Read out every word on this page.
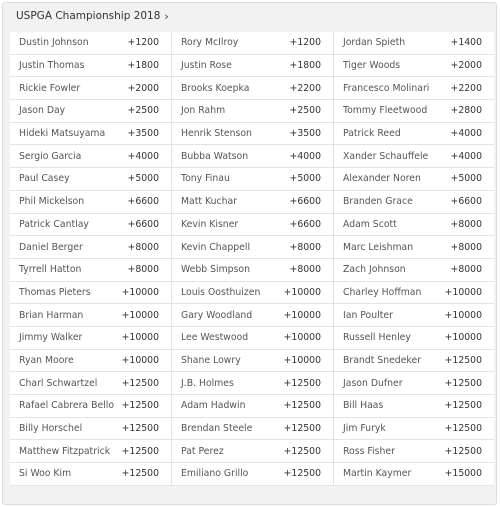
USPGA Championship 2018 ›
Dustin Johnson	+1200 Rory McIlroy	+1200 Jordan Spieth	+1400
Justin Thomas	+1800 Justin Rose	+1800 Tiger Woods	+2000
Rickie Fowler	+2000 Brooks Koepka	+2200 Francesco Molinari +2200
Jason Day	+2500 Jon Rahm	+2500 Tommy Fleetwood	+2800
Hideki Matsuyama +3500 Henrik Stenson	+3500 Patrick Reed	+4000
Sergio Garcia	+4000 Bubba Watson	+4000 Xander Schauffele +4000
Paul Casey	+5000 Tony Finau	+5000 Alexander Noren	+5000
Phil Mickelson	+6600 Matt Kuchar	+6600 Branden Grace	+6600
Patrick Cantlay	+6600 Kevin Kisner	+6600 Adam Scott	+8000
Daniel Berger	+8000 Kevin Chappell	+8000 Marc Leishman	+8000
Tyrrell Hatton	+8000 Webb Simpson	+8000 Zach Johnson	+8000
Thomas Pieters	+10000 Louis Oosthuizen	+10000 Charley Hoffman +10000
Brian Harman	+10000 Gary Woodland	+10000 Ian Poulter	+10000
Jimmy Walker	+10000 Lee Westwood	+10000 Russell Henley	+10000
Ryan Moore	+10000 Shane Lowry	+10000 Brandt Snedeker	+12500
Charl Schwartzel	+12500 J.B. Holmes	+12500 Jason Dufner	+12500
Rafael Cabrera Bello +12500 Adam Hadwin	+12500 Bill Haas	+12500
Billy Horschel	+12500 Brendan Steele	+12500 Jim Furyk	+12500
Matthew Fitzpatrick +12500 Pat Perez	+12500 Ross Fisher	+12500
Si Woo Kim	+12500 Emiliano Grillo	+12500 Martin Kaymer	+15000
